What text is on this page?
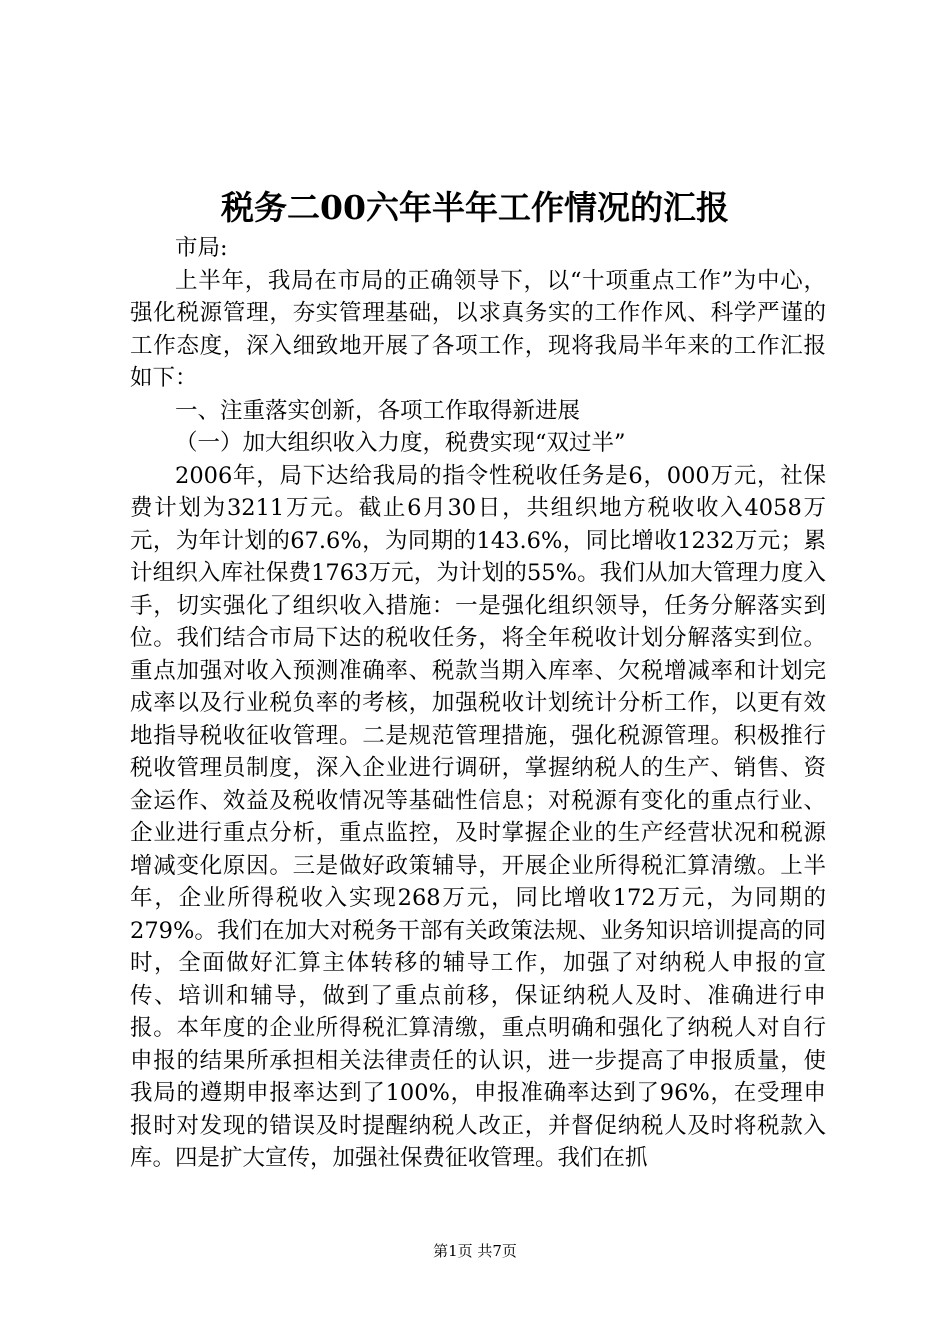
税务二00六年半年工作情况的汇报

市局:

上半年，我局在市局的正确领导下，以“十项重点工作”为中心，强化税源管理，夯实管理基础，以求真务实的工作作风、科学严谨的工作态度，深入细致地开展了各项工作，现将我局半年来的工作汇报如下：

一、注重落实创新，各项工作取得新进展

（一）加大组织收入力度，税费实现“双过半”

2006年，局下达给我局的指令性税收任务是6，000万元，社保费计划为3211万元。截止6月30日，共组织地方税收收入4058万元，为年计划的67.6%，为同期的143.6%，同比增收1232万元；累计组织入库社保费1763万元，为计划的55%。我们从加大管理力度入手，切实强化了组织收入措施：一是强化组织领导，任务分解落实到位。我们结合市局下达的税收任务，将全年税收计划分解落实到位。重点加强对收入预测准确率、税款当期入库率、欠税增减率和计划完成率以及行业税负率的考核，加强税收计划统计分析工作，以更有效地指导税收征收管理。二是规范管理措施，强化税源管理。积极推行税收管理员制度，深入企业进行调研，掌握纳税人的生产、销售、资金运作、效益及税收情况等基础性信息；对税源有变化的重点行业、企业进行重点分析，重点监控，及时掌握企业的生产经营状况和税源增减变化原因。三是做好政策辅导，开展企业所得税汇算清缴。上半年，企业所得税收入实现268万元，同比增收172万元，为同期的279%。我们在加大对税务干部有关政策法规、业务知识培训提高的同时，全面做好汇算主体转移的辅导工作，加强了对纳税人申报的宣传、培训和辅导，做到了重点前移，保证纳税人及时、准确进行申报。本年度的企业所得税汇算清缴，重点明确和强化了纳税人对自行申报的结果所承担相关法律责任的认识，进一步提高了申报质量，使我局的遵期申报率达到了100%，申报准确率达到了96%，在受理申报时对发现的错误及时提醒纳税人改正，并督促纳税人及时将税款入库。四是扩大宣传，加强社保费征收管理。我们在抓

第1页 共7页
